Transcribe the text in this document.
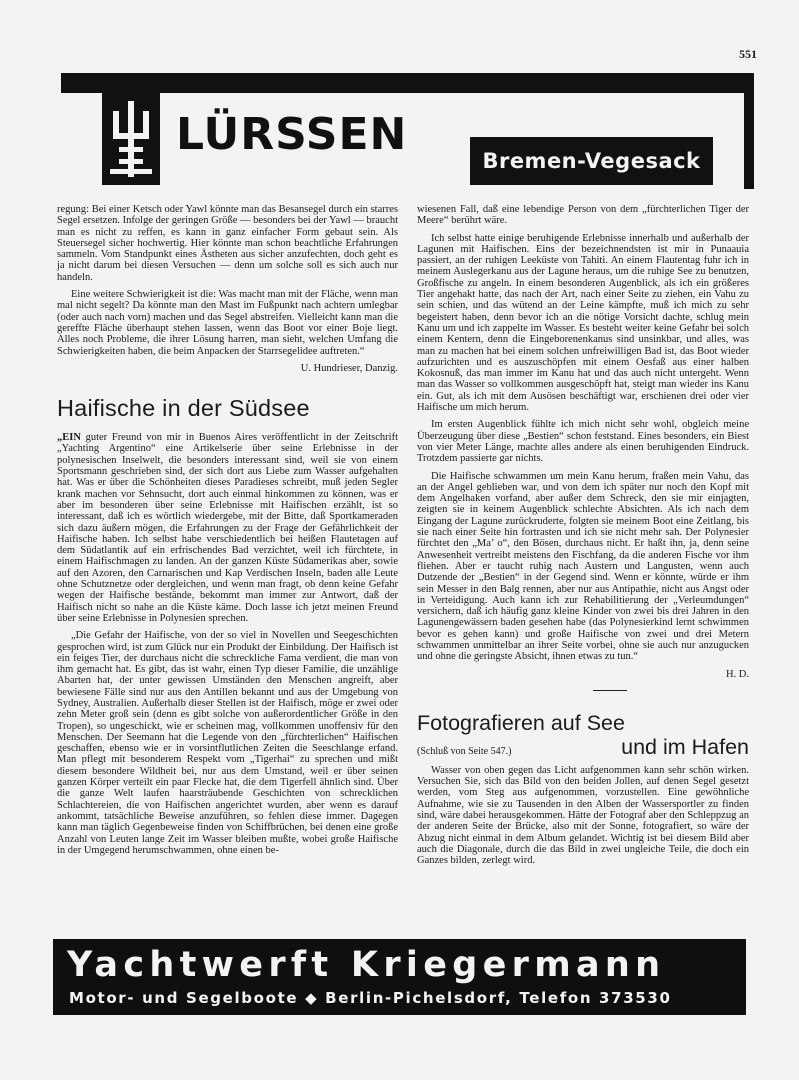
551
LÜRSSEN
Bremen-Vegesack

regung: Bei einer Ketsch oder Yawl könnte man das Besansegel durch ein starres Segel ersetzen. Infolge der geringen Größe — besonders bei der Yawl — braucht man es nicht zu reffen, es kann in ganz einfacher Form gebaut sein. Als Steuersegel sicher hochwertig. Hier könnte man schon beachtliche Erfahrungen sammeln. Vom Standpunkt eines Ästheten aus sicher anzufechten, doch geht es ja nicht darum bei diesen Versuchen — denn um solche soll es sich auch nur handeln.

Eine weitere Schwierigkeit ist die: Was macht man mit der Fläche, wenn man mal nicht segelt? Da könnte man den Mast im Fußpunkt nach achtern umlegbar (oder auch nach vorn) machen und das Segel abstreifen. Vielleicht kann man die gereffte Fläche überhaupt stehen lassen, wenn das Boot vor einer Boje liegt. Alles noch Probleme, die ihrer Lösung harren, man sieht, welchen Umfang die Schwierigkeiten haben, die beim Anpacken der Starrsegelidee auftreten.“

U. Hundrieser, Danzig.
Haifische in der Südsee

„EIN guter Freund von mir in Buenos Aires veröffentlicht in der Zeitschrift „Yachting Argentino“ eine Artikelserie über seine Erlebnisse in der polynesischen Inselwelt, die besonders interessant sind, weil sie von einem Sportsmann geschrieben sind, der sich dort aus Liebe zum Wasser aufgehalten hat. Was er über die Schönheiten dieses Paradieses schreibt, muß jeden Segler krank machen vor Sehnsucht, dort auch einmal hinkommen zu können, was er aber im besonderen über seine Erlebnisse mit Haifischen erzählt, ist so interessant, daß ich es wörtlich wiedergebe, mit der Bitte, daß Sportkameraden sich dazu äußern mögen, die Erfahrungen zu der Frage der Gefährlichkeit der Haifische haben. Ich selbst habe verschiedentlich bei heißen Flautetagen auf dem Südatlantik auf ein erfrischendes Bad verzichtet, weil ich fürchtete, in einem Haifischmagen zu landen. An der ganzen Küste Südamerikas aber, sowie auf den Azoren, den Carnarischen und Kap Verdischen Inseln, baden alle Leute ohne Schutznetze oder dergleichen, und wenn man fragt, ob denn keine Gefahr wegen der Haifische bestände, bekommt man immer zur Antwort, daß der Haifisch nicht so nahe an die Küste käme. Doch lasse ich jetzt meinen Freund über seine Erlebnisse in Polynesien sprechen.

„Die Gefahr der Haifische, von der so viel in Novellen und Seegeschichten gesprochen wird, ist zum Glück nur ein Produkt der Einbildung. Der Haifisch ist ein feiges Tier, der durchaus nicht die schreckliche Fama verdient, die man von ihm gemacht hat. Es gibt, das ist wahr, einen Typ dieser Familie, die unzählige Abarten hat, der unter gewissen Umständen den Menschen angreift, aber bewiesene Fälle sind nur aus den Antillen bekannt und aus der Umgebung von Sydney, Australien. Außerhalb dieser Stellen ist der Haifisch, möge er zwei oder zehn Meter groß sein (denn es gibt solche von außerordentlicher Größe in den Tropen), so ungeschickt, wie er scheinen mag, vollkommen unoffensiv für den Menschen. Der Seemann hat die Legende von den „fürchterlichen“ Haifischen geschaffen, ebenso wie er in vorsintflutlichen Zeiten die Seeschlange erfand. Man pflegt mit besonderem Respekt vom „Tigerhai“ zu sprechen und mißt diesem besondere Wildheit bei, nur aus dem Umstand, weil er über seinen ganzen Körper verteilt ein paar Flecke hat, die dem Tigerfell ähnlich sind. Über die ganze Welt laufen haarsträubende Geschichten von schrecklichen Schlachtereien, die von Haifischen angerichtet wurden, aber wenn es darauf ankommt, tatsächliche Beweise anzuführen, so fehlen diese immer. Dagegen kann man täglich Gegenbeweise finden von Schiffbrüchen, bei denen eine große Anzahl von Leuten lange Zeit im Wasser bleiben mußte, wobei große Haifische in der Umgegend herumschwammen, ohne einen be-

wiesenen Fall, daß eine lebendige Person von dem „fürchterlichen Tiger der Meere“ berührt wäre.

Ich selbst hatte einige beruhigende Erlebnisse innerhalb und außerhalb der Lagunen mit Haifischen. Eins der bezeichnendsten ist mir in Punaauia passiert, an der ruhigen Leeküste von Tahiti. An einem Flautentag fuhr ich in meinem Auslegerkanu aus der Lagune heraus, um die ruhige See zu benutzen, Großfische zu angeln. In einem besonderen Augenblick, als ich ein größeres Tier angehakt hatte, das nach der Art, nach einer Seite zu ziehen, ein Vahu zu sein schien, und das wütend an der Leine kämpfte, muß ich mich zu sehr begeistert haben, denn bevor ich an die nötige Vorsicht dachte, schlug mein Kanu um und ich zappelte im Wasser. Es besteht weiter keine Gefahr bei solch einem Kentern, denn die Eingeborenenkanus sind unsinkbar, und alles, was man zu machen hat bei einem solchen unfreiwilligen Bad ist, das Boot wieder aufzurichten und es auszuschöpfen mit einem Oesfaß aus einer halben Kokosnuß, das man immer im Kanu hat und das auch nicht untergeht. Wenn man das Wasser so vollkommen ausgeschöpft hat, steigt man wieder ins Kanu ein. Gut, als ich mit dem Ausösen beschäftigt war, erschienen drei oder vier Haifische um mich herum.

Im ersten Augenblick fühlte ich mich nicht sehr wohl, obgleich meine Überzeugung über diese „Bestien“ schon feststand. Eines besonders, ein Biest von vier Meter Länge, machte alles andere als einen beruhigenden Eindruck. Trotzdem passierte gar nichts.

Die Haifische schwammen um mein Kanu herum, fraßen mein Vahu, das an der Angel geblieben war, und von dem ich später nur noch den Kopf mit dem Angelhaken vorfand, aber außer dem Schreck, den sie mir einjagten, zeigten sie in keinem Augenblick schlechte Absichten. Als ich nach dem Eingang der Lagune zurückruderte, folgten sie meinem Boot eine Zeitlang, bis sie nach einer Seite hin fortrasten und ich sie nicht mehr sah. Der Polynesier fürchtet den „Ma’ o“, den Bösen, durchaus nicht. Er haßt ihn, ja, denn seine Anwesenheit vertreibt meistens den Fischfang, da die anderen Fische vor ihm fliehen. Aber er taucht ruhig nach Austern und Langusten, wenn auch Dutzende der „Bestien“ in der Gegend sind. Wenn er könnte, würde er ihm sein Messer in den Balg rennen, aber nur aus Antipathie, nicht aus Angst oder in Verteidigung. Auch kann ich zur Rehabilitierung der „Verleumdungen“ versichern, daß ich häufig ganz kleine Kinder von zwei bis drei Jahren in den Lagunengewässern baden gesehen habe (das Polynesierkind lernt schwimmen bevor es gehen kann) und große Haifische von zwei und drei Metern schwammen unmittelbar an ihrer Seite vorbei, ohne sie auch nur anzugucken und ohne die geringste Absicht, ihnen etwas zu tun.“

H. D.
Fotografieren auf See
(Schluß von Seite 547.)	und im Hafen

Wasser von oben gegen das Licht aufgenommen kann sehr schön wirken. Versuchen Sie, sich das Bild von den beiden Jollen, auf denen Segel gesetzt werden, vom Steg aus aufgenommen, vorzustellen. Eine gewöhnliche Aufnahme, wie sie zu Tausenden in den Alben der Wassersportler zu finden sind, wäre dabei herausgekommen. Hätte der Fotograf aber den Schleppzug an der anderen Seite der Brücke, also mit der Sonne, fotografiert, so wäre der Abzug nicht einmal in dem Album gelandet. Wichtig ist bei diesem Bild aber auch die Diagonale, durch die das Bild in zwei ungleiche Teile, die doch ein Ganzes bilden, zerlegt wird.

Yachtwerft Kriegermann
Motor- und Segelboote ◆ Berlin-Pichelsdorf, Telefon 373530
